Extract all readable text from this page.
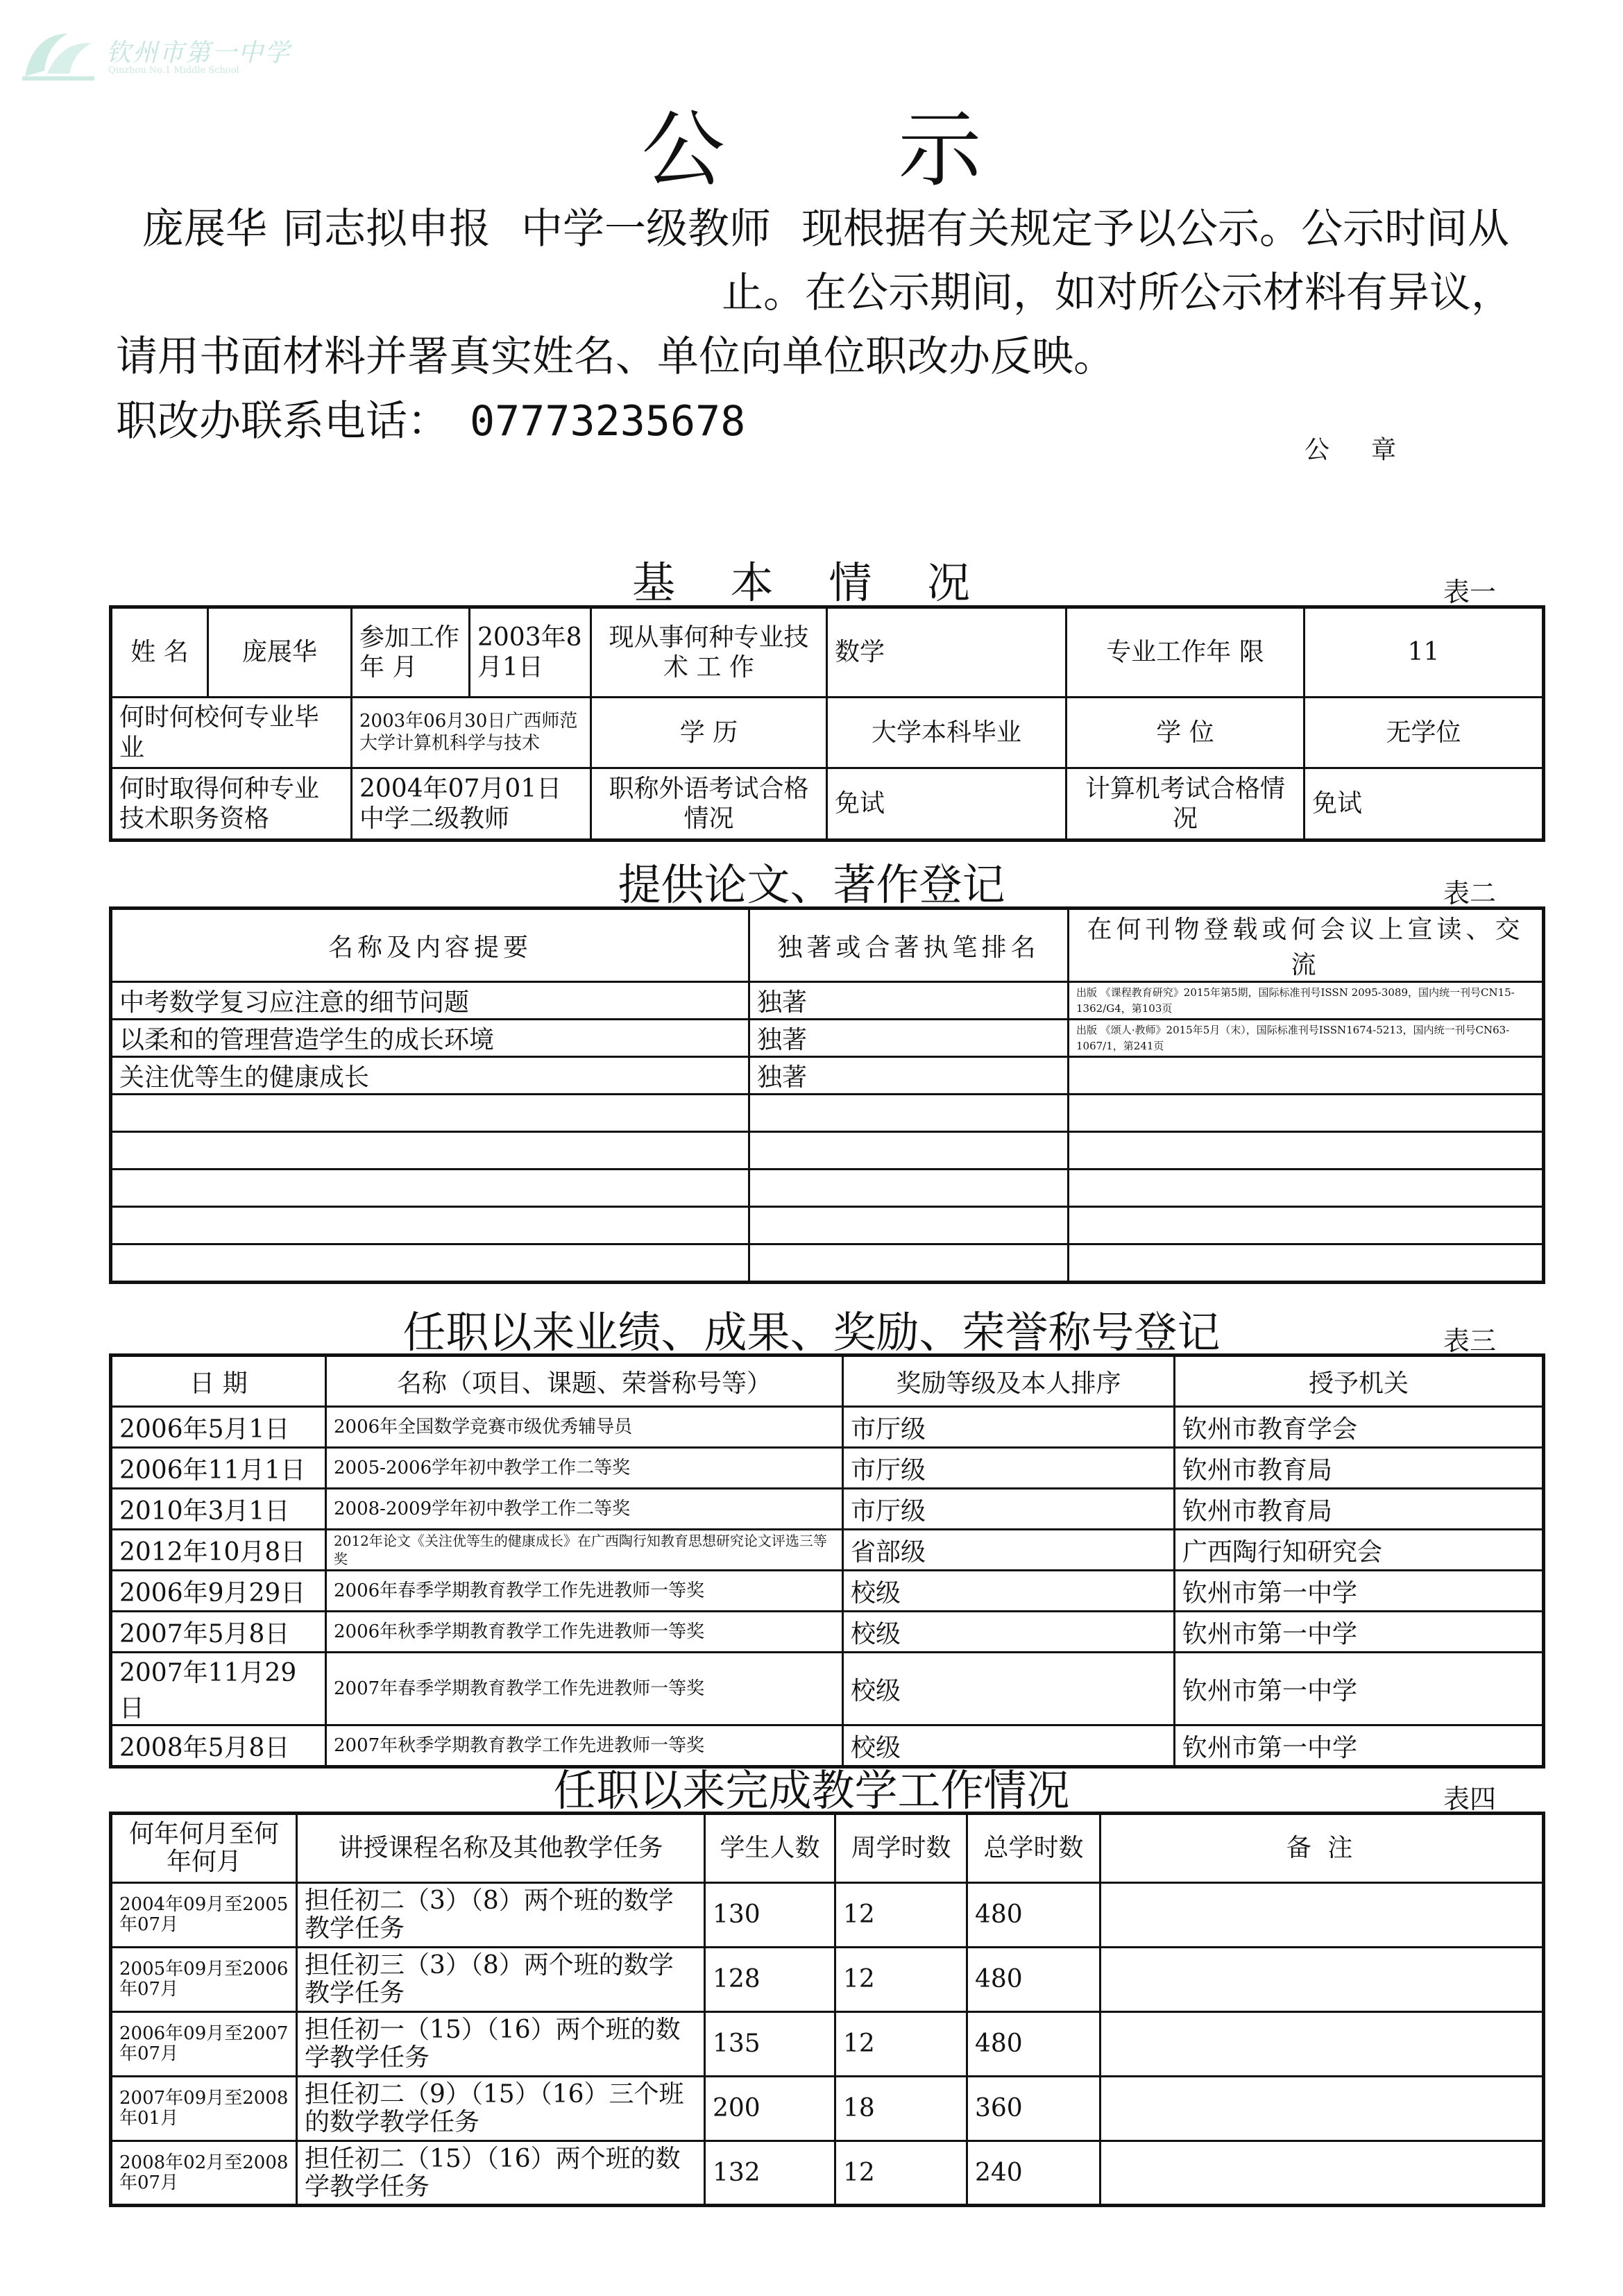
钦州市第一中学
Qinzhou No.1 Middle School
公示
庞展华 同志拟申报 中学一级教师 现根据有关规定予以公示。公示时间从
止。在公示期间，如对所公示材料有异议，
请用书面材料并署真实姓名、单位向单位职改办反映。
职改办联系电话： 07773235678
公章
基 本 情 况	表一
姓 名	庞展华	参加工作年 月	2003年8月1日	现从事何种专业技 术 工 作	数学	专业工作年 限	11
何时何校何专业毕 业		2003年06月30日广西师范大学计算机科学与技术		学 历	大学本科毕业	学 位	无学位
何时取得何种专业技术职务资格		2004年07月01日中学二级教师		职称外语考试合格情况	免试	计算机考试合格情况	免试
提供论文、著作登记	表二
名称及内容提要	独著或合著执笔排名	在何刊物登载或何会议上宣读、交流
中考数学复习应注意的细节问题	独著	出版 《课程教育研究》2015年第5期，国际标准刊号ISSN 2095-3089，国内统一刊号CN15-1362/G4，第103页
以柔和的管理营造学生的成长环境	独著	出版 《颂人·教师》2015年5月（末），国际标准刊号ISSN1674-5213，国内统一刊号CN63-1067/1，第241页
关注优等生的健康成长	独著	

任职以来业绩、成果、奖励、荣誉称号登记	表三
日 期	名称（项目、课题、荣誉称号等）	奖励等级及本人排序	授予机关
2006年5月1日	2006年全国数学竞赛市级优秀辅导员	市厅级	钦州市教育学会
2006年11月1日	2005-2006学年初中教学工作二等奖	市厅级	钦州市教育局
2010年3月1日	2008-2009学年初中教学工作二等奖	市厅级	钦州市教育局
2012年10月8日	2012年论文《关注优等生的健康成长》在广西陶行知教育思想研究论文评选三等奖	省部级	广西陶行知研究会
2006年9月29日	2006年春季学期教育教学工作先进教师一等奖	校级	钦州市第一中学
2007年5月8日	2006年秋季学期教育教学工作先进教师一等奖	校级	钦州市第一中学
2007年11月29日	2007年春季学期教育教学工作先进教师一等奖	校级	钦州市第一中学
2008年5月8日	2007年秋季学期教育教学工作先进教师一等奖	校级	钦州市第一中学
任职以来完成教学工作情况	表四
何年何月至何年何月	讲授课程名称及其他教学任务	学生人数	周学时数	总学时数	备 注
2004年09月至2005年07月	担任初二（3）（8）两个班的数学教学任务	130	12	480	
2005年09月至2006年07月	担任初三（3）（8）两个班的数学教学任务	128	12	480	
2006年09月至2007年07月	担任初一（15）（16）两个班的数学教学任务	135	12	480	
2007年09月至2008年01月	担任初二（9）（15）（16）三个班的数学教学任务	200	18	360	
2008年02月至2008年07月	担任初二（15）（16）两个班的数学教学任务	132	12	240	
